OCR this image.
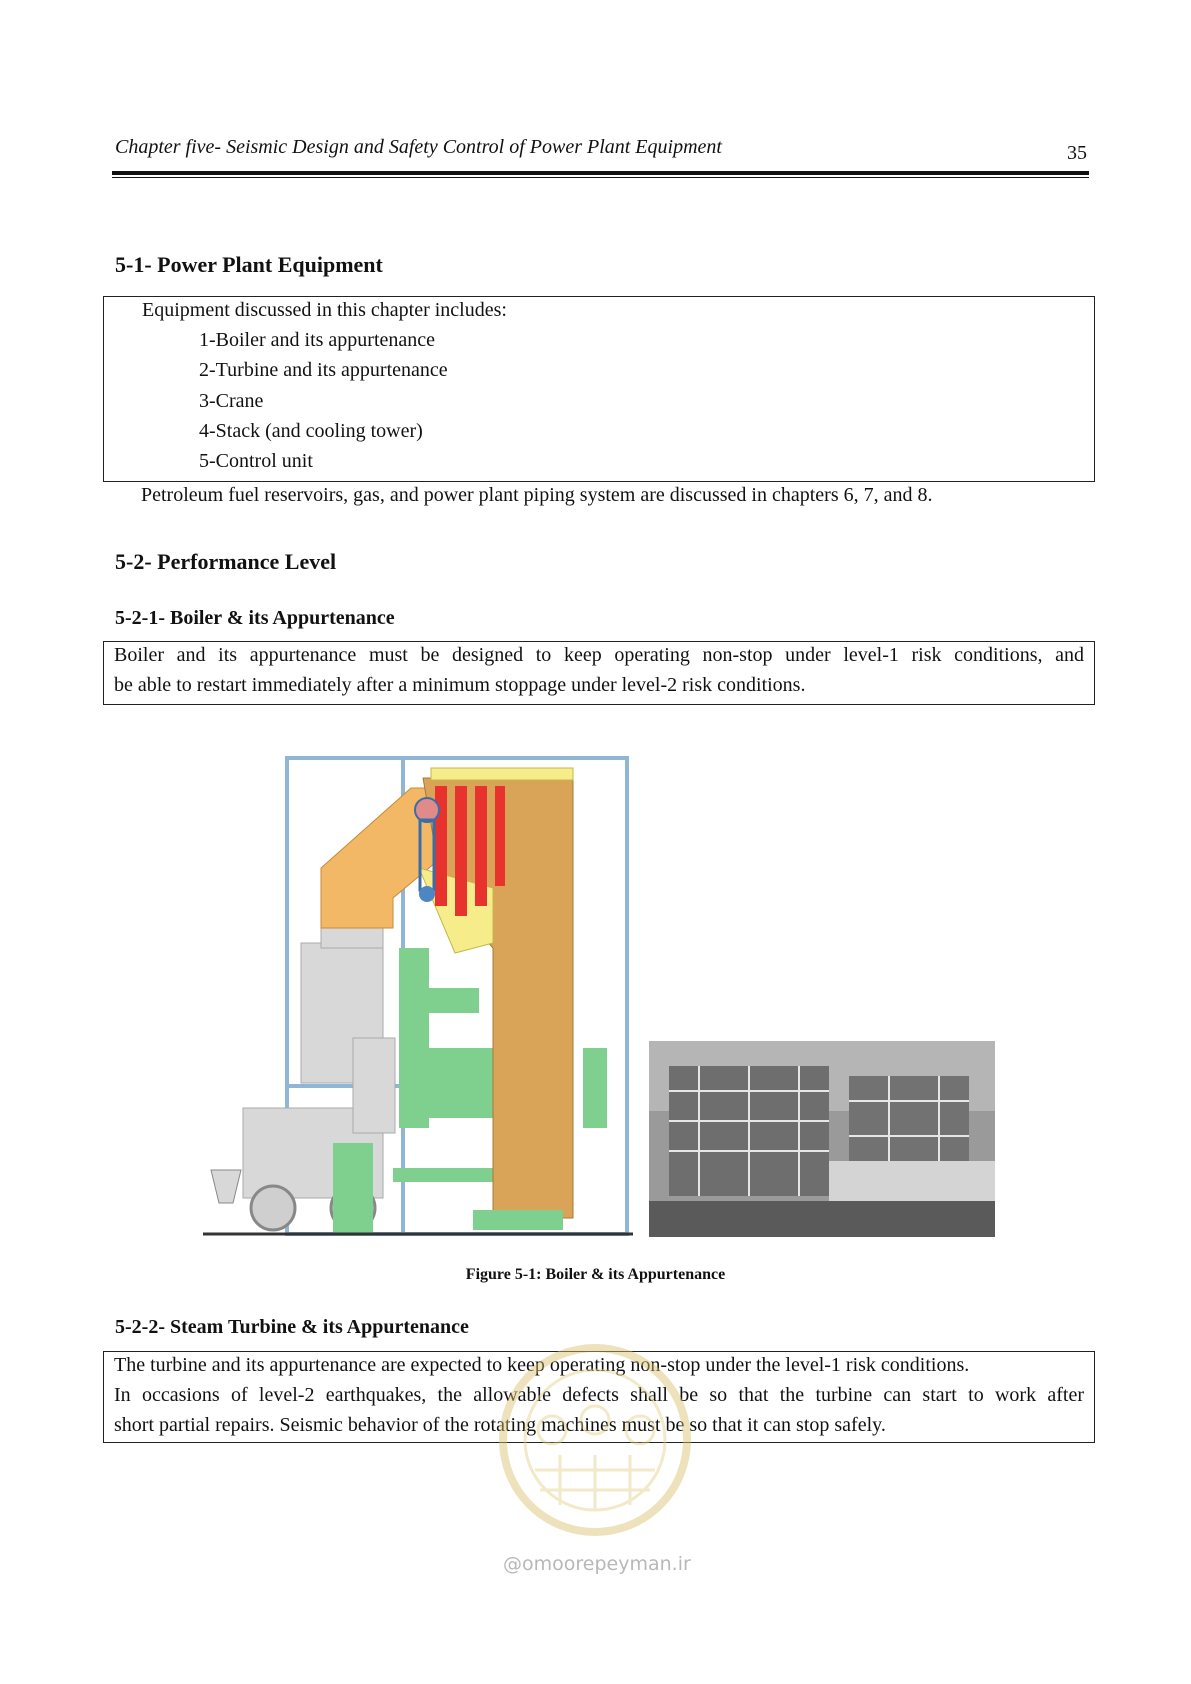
Chapter five- Seismic Design and Safety Control of Power Plant Equipment	35
5-1- Power Plant Equipment
Equipment discussed in this chapter includes:
1-Boiler and its appurtenance
2-Turbine and its appurtenance
3-Crane
4-Stack (and cooling tower)
5-Control unit
Petroleum fuel reservoirs, gas, and power plant piping system are discussed in chapters 6, 7, and 8.
5-2- Performance Level
5-2-1- Boiler & its Appurtenance
Boiler and its appurtenance must be designed to keep operating non-stop under level-1 risk conditions, and
be able to restart immediately after a minimum stoppage under level-2 risk conditions.
Figure 5-1: Boiler & its Appurtenance
5-2-2- Steam Turbine & its Appurtenance
The turbine and its appurtenance are expected to keep operating non-stop under the level-1 risk conditions.
In occasions of level-2 earthquakes, the allowable defects shall be so that the turbine can start to work after
short partial repairs. Seismic behavior of the rotating machines must be so that it can stop safely.
@omoorepeyman.ir
